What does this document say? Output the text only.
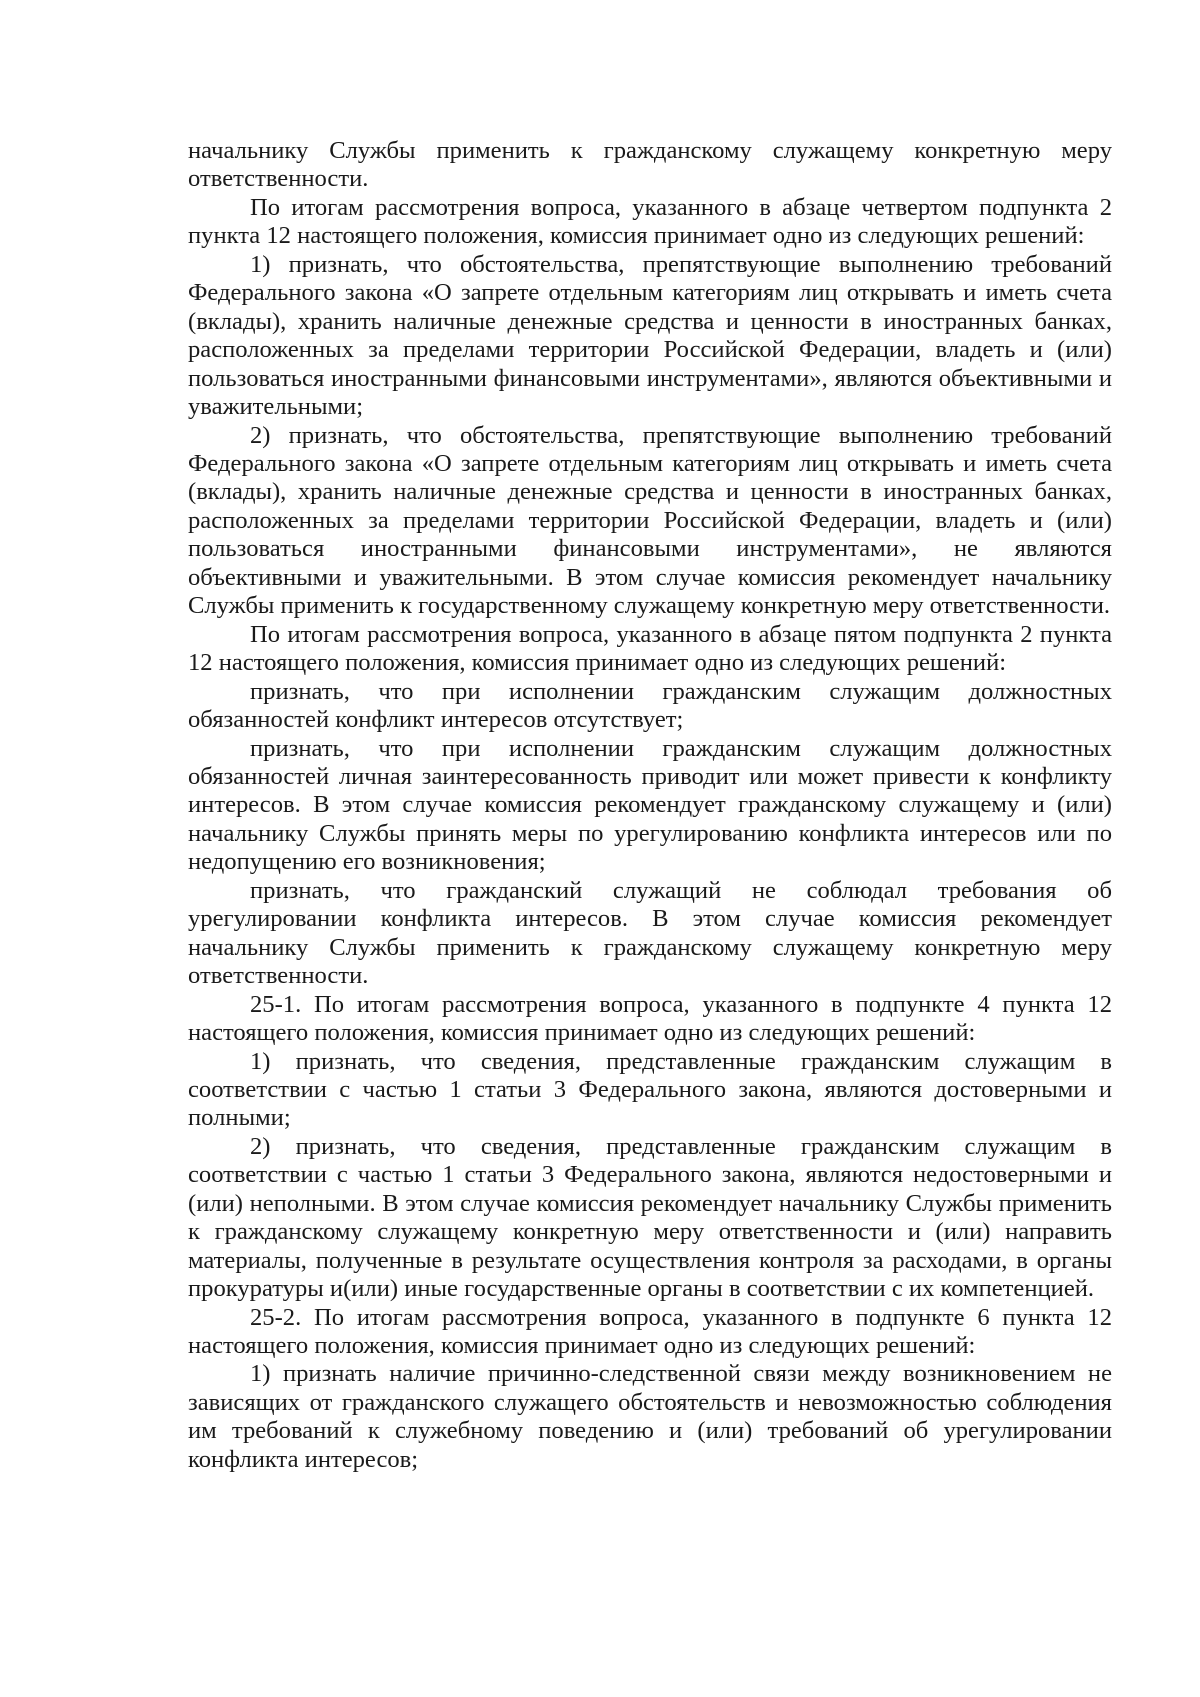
начальнику Службы применить к гражданскому служащему конкретную меру ответственности.

По итогам рассмотрения вопроса, указанного в абзаце четвертом подпункта 2 пункта 12 настоящего положения, комиссия принимает одно из следующих решений:

1) признать, что обстоятельства, препятствующие выполнению требований Федерального закона «О запрете отдельным категориям лиц открывать и иметь счета (вклады), хранить наличные денежные средства и ценности в иностранных банках, расположенных за пределами территории Российской Федерации, владеть и (или) пользоваться иностранными финансовыми инструментами», являются объективными и уважительными;

2) признать, что обстоятельства, препятствующие выполнению требований Федерального закона «О запрете отдельным категориям лиц открывать и иметь счета (вклады), хранить наличные денежные средства и ценности в иностранных банках, расположенных за пределами территории Российской Федерации, владеть и (или) пользоваться иностранными финансовыми инструментами», не являются объективными и уважительными. В этом случае комиссия рекомендует начальнику Службы применить к государственному служащему конкретную меру ответственности.

По итогам рассмотрения вопроса, указанного в абзаце пятом подпункта 2 пункта 12 настоящего положения, комиссия принимает одно из следующих решений:

признать, что при исполнении гражданским служащим должностных обязанностей конфликт интересов отсутствует;

признать, что при исполнении гражданским служащим должностных обязанностей личная заинтересованность приводит или может привести к конфликту интересов. В этом случае комиссия рекомендует гражданскому служащему и (или) начальнику Службы принять меры по урегулированию конфликта интересов или по недопущению его возникновения;

признать, что гражданский служащий не соблюдал требования об урегулировании конфликта интересов. В этом случае комиссия рекомендует начальнику Службы применить к гражданскому служащему конкретную меру ответственности.

25-1. По итогам рассмотрения вопроса, указанного в подпункте 4 пункта 12 настоящего положения, комиссия принимает одно из следующих решений:

1) признать, что сведения, представленные гражданским служащим в соответствии с частью 1 статьи 3 Федерального закона, являются достоверными и полными;

2) признать, что сведения, представленные гражданским служащим в соответствии с частью 1 статьи 3 Федерального закона, являются недостоверными и (или) неполными. В этом случае комиссия рекомендует начальнику Службы применить к гражданскому служащему конкретную меру ответственности и (или) направить материалы, полученные в результате осуществления контроля за расходами, в органы прокуратуры и(или) иные государственные органы в соответствии с их компетенцией.

25-2. По итогам рассмотрения вопроса, указанного в подпункте 6 пункта 12 настоящего положения, комиссия принимает одно из следующих решений:

1) признать наличие причинно-следственной связи между возникновением не зависящих от гражданского служащего обстоятельств и невозможностью соблюдения им требований к служебному поведению и (или) требований об урегулировании конфликта интересов;
